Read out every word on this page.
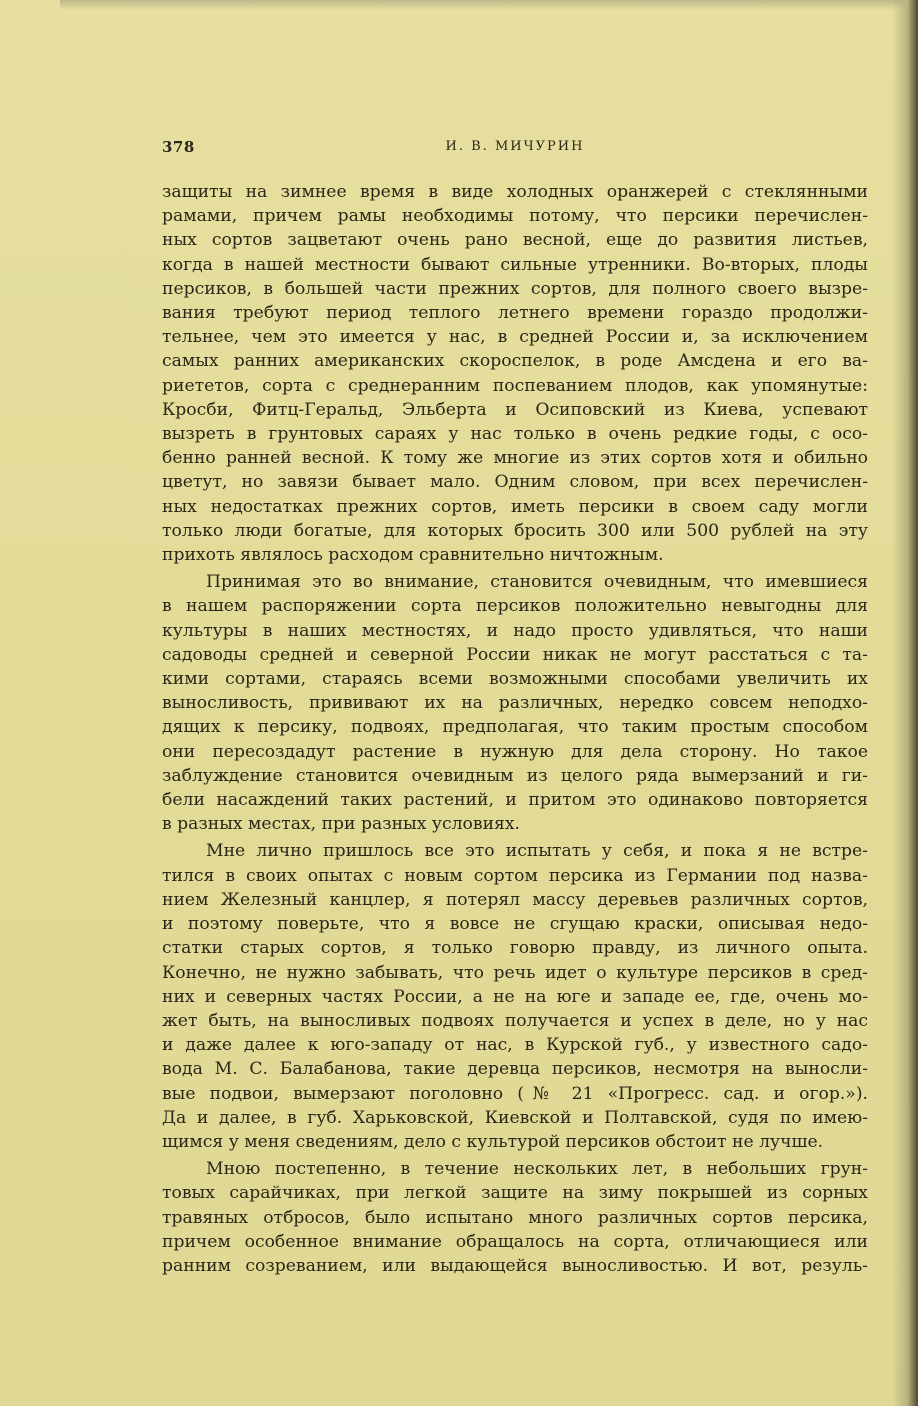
378	И. В. МИЧУРИН
защиты на зимнее время в виде холодных оранжерей с стеклянными
рамами, причем рамы необходимы потому, что персики перечислен-
ных сортов зацветают очень рано весной, еще до развития листьев,
когда в нашей местности бывают сильные утренники. Во-вторых, плоды
персиков, в большей части прежних сортов, для полного своего вызре-
вания требуют период теплого летнего времени гораздо продолжи-
тельнее, чем это имеется у нас, в средней России и, за исключением
самых ранних американских скороспелок, в роде Амсдена и его ва-
риететов, сорта с среднеранним поспеванием плодов, как упомянутые:
Кросби, Фитц-Геральд, Эльберта и Осиповский из Киева, успевают
вызреть в грунтовых сараях у нас только в очень редкие годы, с осо-
бенно ранней весной. К тому же многие из этих сортов хотя и обильно
цветут, но завязи бывает мало. Одним словом, при всех перечислен-
ных недостатках прежних сортов, иметь персики в своем саду могли
только люди богатые, для которых бросить 300 или 500 рублей на эту
прихоть являлось расходом сравнительно ничтожным.
Принимая это во внимание, становится очевидным, что имевшиеся
в нашем распоряжении сорта персиков положительно невыгодны для
культуры в наших местностях, и надо просто удивляться, что наши
садоводы средней и северной России никак не могут расстаться с та-
кими сортами, стараясь всеми возможными способами увеличить их
выносливость, прививают их на различных, нередко совсем неподхо-
дящих к персику, подвоях, предполагая, что таким простым способом
они пересоздадут растение в нужную для дела сторону. Но такое
заблуждение становится очевидным из целого ряда вымерзаний и ги-
бели насаждений таких растений, и притом это одинаково повторяется
в разных местах, при разных условиях.
Мне лично пришлось все это испытать у себя, и пока я не встре-
тился в своих опытах с новым сортом персика из Германии под назва-
нием Железный канцлер, я потерял массу деревьев различных сортов,
и поэтому поверьте, что я вовсе не сгущаю краски, описывая недо-
статки старых сортов, я только говорю правду, из личного опыта.
Конечно, не нужно забывать, что речь идет о культуре персиков в сред-
них и северных частях России, а не на юге и западе ее, где, очень мо-
жет быть, на выносливых подвоях получается и успех в деле, но у нас
и даже далее к юго-западу от нас, в Курской губ., у известного садо-
вода М. С. Балабанова, такие деревца персиков, несмотря на выносли-
вые подвои, вымерзают поголовно (№ 21 «Прогресс. сад. и огор.»).
Да и далее, в губ. Харьковской, Киевской и Полтавской, судя по имею-
щимся у меня сведениям, дело с культурой персиков обстоит не лучше.
Мною постепенно, в течение нескольких лет, в небольших грун-
товых сарайчиках, при легкой защите на зиму покрышей из сорных
травяных отбросов, было испытано много различных сортов персика,
причем особенное внимание обращалось на сорта, отличающиеся или
ранним созреванием, или выдающейся выносливостью. И вот, резуль-
